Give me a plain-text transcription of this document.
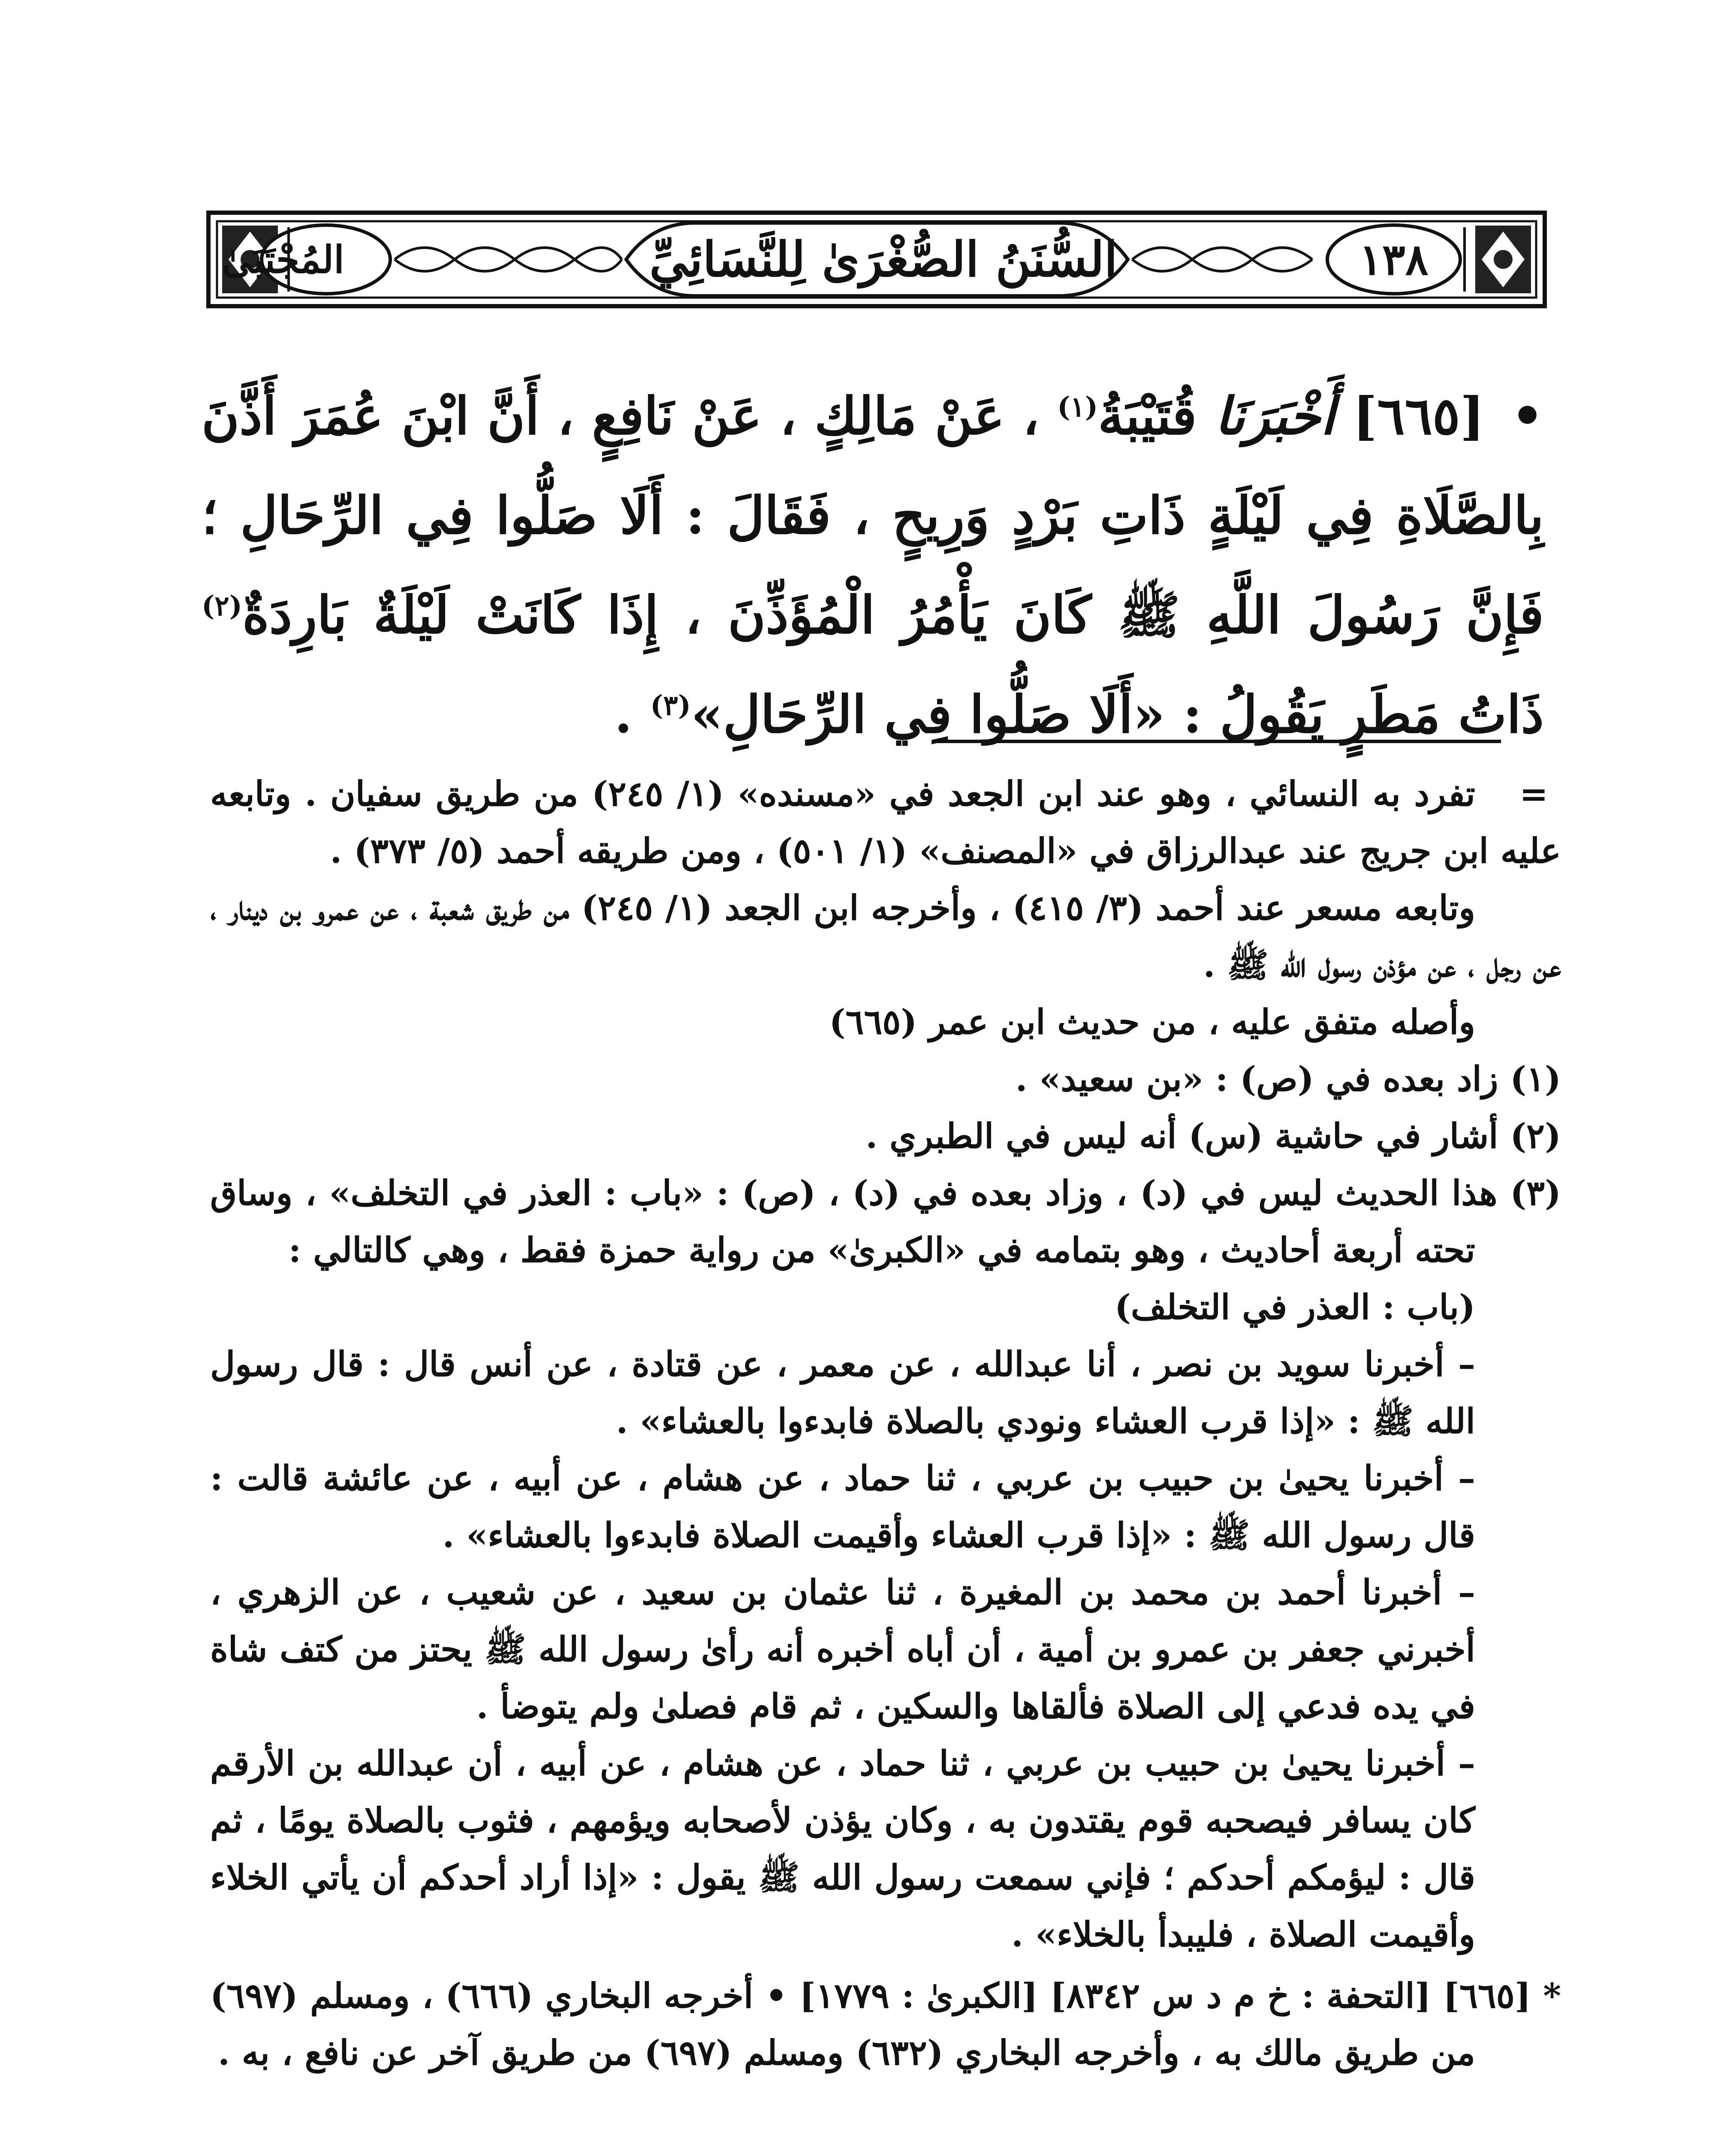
١٣٨
السُّنَنُ الصُّغْرَىٰ لِلنَّسَائِيِّ
المُجْتَبَىٰ
• [٦٦٥] أَخْبَرَنَا قُتَيْبَةُ$^{(١)}$ ، عَنْ مَالِكٍ ، عَنْ نَافِعٍ ، أَنَّ ابْنَ عُمَرَ أَذَّنَ بِالصَّلَاةِ فِي لَيْلَةٍ ذَاتِ بَرْدٍ وَرِيحٍ ، فَقَالَ : أَلَا صَلُّوا فِي الرِّحَالِ ؛ فَإِنَّ رَسُولَ اللَّهِ ﷺ كَانَ يَأْمُرُ الْمُؤَذِّنَ ، إِذَا كَانَتْ لَيْلَةٌ بَارِدَةٌ$^{(٢)}$ ذَاتُ مَطَرٍ يَقُولُ : «أَلَا صَلُّوا فِي الرِّحَالِ»$^{(٣)}$ .
=

تفرد به النسائي ، وهو عند ابن الجعد في «مسنده» (١/ ٢٤٥) من طريق سفيان . وتابعه عليه ابن جريج عند عبدالرزاق في «المصنف» (١/ ٥٠١) ، ومن طريقه أحمد (٥/ ٣٧٣) .

وتابعه مسعر عند أحمد (٣/ ٤١٥) ، وأخرجه ابن الجعد (١/ ٢٤٥) من طريق شعبة ، عن عمرو بن دينار ، عن رجل ، عن مؤذن رسول الله ﷺ .

وأصله متفق عليه ، من حديث ابن عمر (٦٦٥)

(١) زاد بعده في (ص) : «بن سعيد» .

(٢) أشار في حاشية (س) أنه ليس في الطبري .

(٣) هذا الحديث ليس في (د) ، وزاد بعده في (د) ، (ص) : «باب : العذر في التخلف» ، وساق تحته أربعة أحاديث ، وهو بتمامه في «الكبرىٰ» من رواية حمزة فقط ، وهي كالتالي :

(باب : العذر في التخلف)

– أخبرنا سويد بن نصر ، أنا عبدالله ، عن معمر ، عن قتادة ، عن أنس قال : قال رسول الله ﷺ : «إذا قرب العشاء ونودي بالصلاة فابدءوا بالعشاء» .

– أخبرنا يحيىٰ بن حبيب بن عربي ، ثنا حماد ، عن هشام ، عن أبيه ، عن عائشة قالت : قال رسول الله ﷺ : «إذا قرب العشاء وأقيمت الصلاة فابدءوا بالعشاء» .

– أخبرنا أحمد بن محمد بن المغيرة ، ثنا عثمان بن سعيد ، عن شعيب ، عن الزهري ، أخبرني جعفر بن عمرو بن أمية ، أن أباه أخبره أنه رأىٰ رسول الله ﷺ يحتز من كتف شاة في يده فدعي إلى الصلاة فألقاها والسكين ، ثم قام فصلىٰ ولم يتوضأ .

– أخبرنا يحيىٰ بن حبيب بن عربي ، ثنا حماد ، عن هشام ، عن أبيه ، أن عبدالله بن الأرقم كان يسافر فيصحبه قوم يقتدون به ، وكان يؤذن لأصحابه ويؤمهم ، فثوب بالصلاة يومًا ، ثم قال : ليؤمكم أحدكم ؛ فإني سمعت رسول الله ﷺ يقول : «إذا أراد أحدكم أن يأتي الخلاء وأقيمت الصلاة ، فليبدأ بالخلاء» .

* [٦٦٥] [التحفة : خ م د س ٨٣٤٢] [الكبرىٰ : ١٧٧٩] • أخرجه البخاري (٦٦٦) ، ومسلم (٦٩٧) من طريق مالك به ، وأخرجه البخاري (٦٣٢) ومسلم (٦٩٧) من طريق آخر عن نافع ، به .
